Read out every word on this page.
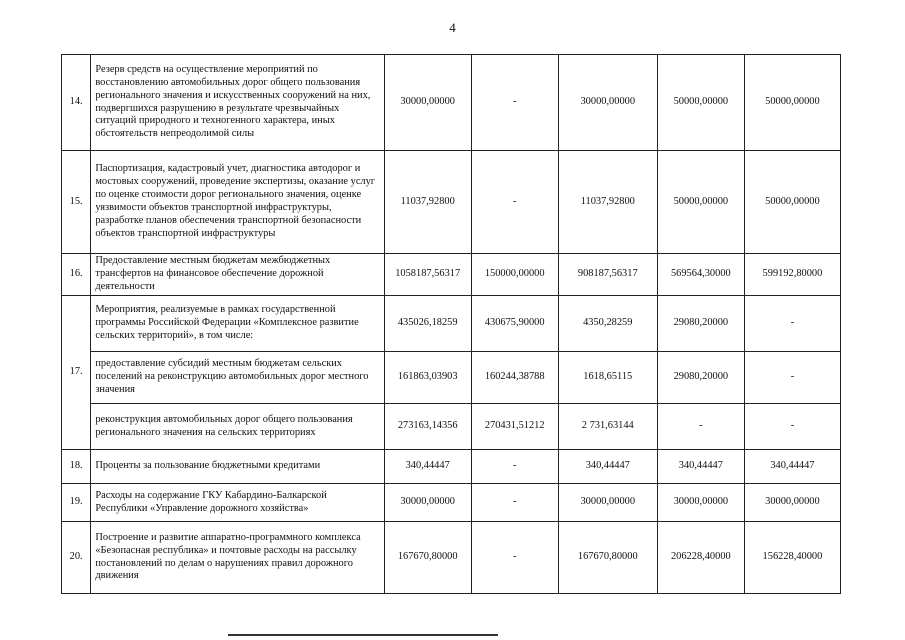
4
14.	Резерв средств на осуществление мероприятий по восстановлению автомобильных дорог общего пользования регионального значения и искусственных сооружений на них, подвергшихся разрушению в результате чрезвычайных ситуаций природного и техногенного характера, иных обстоятельств непреодолимой силы	30000,00000	-	30000,00000	50000,00000	50000,00000
15.	Паспортизация, кадастровый учет, диагностика автодорог и мостовых сооружений, проведение экспертизы, оказание услуг по оценке стоимости дорог регионального значения, оценке уязвимости объектов транспортной инфраструктуры, разработке планов обеспечения транспортной безопасности объектов транспортной инфраструктуры	11037,92800	-	11037,92800	50000,00000	50000,00000
16.	Предоставление местным бюджетам межбюджетных трансфертов на финансовое обеспечение дорожной деятельности	1058187,56317	150000,00000	908187,56317	569564,30000	599192,80000
17.	Мероприятия, реализуемые в рамках государственной программы Российской Федерации «Комплексное развитие сельских территорий», в том числе:	435026,18259	430675,90000	4350,28259	29080,20000	-
	предоставление субсидий местным бюджетам сельских поселений на реконструкцию автомобильных дорог местного значения	161863,03903	160244,38788	1618,65115	29080,20000	-
	реконструкция автомобильных дорог общего пользования регионального значения на сельских территориях	273163,14356	270431,51212	2 731,63144	-	-
18.	Проценты за пользование бюджетными кредитами	340,44447	-	340,44447	340,44447	340,44447
19.	Расходы на содержание ГКУ Кабардино-Балкарской Республики «Управление дорожного хозяйства»	30000,00000	-	30000,00000	30000,00000	30000,00000
20.	Построение и развитие аппаратно-программного комплекса «Безопасная республика» и почтовые расходы на рассылку постановлений по делам о нарушениях правил дорожного движения	167670,80000	-	167670,80000	206228,40000	156228,40000
